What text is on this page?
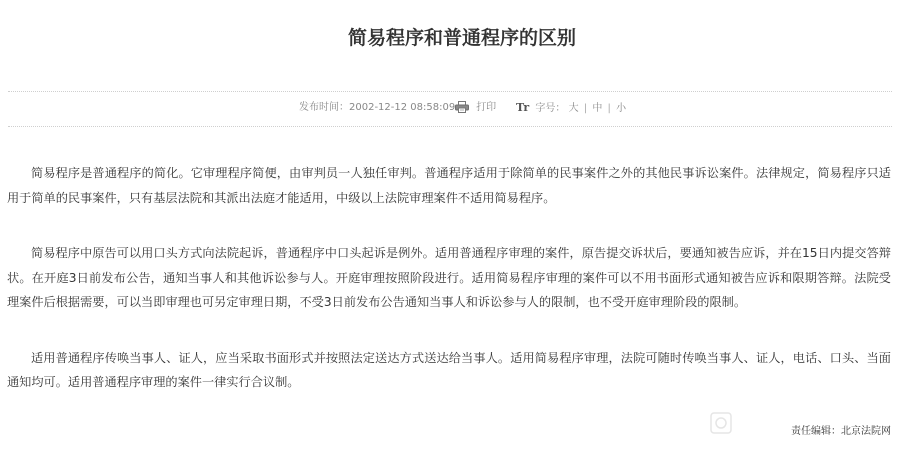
简易程序和普通程序的区别
发布时间：2002-12-12 08:58:09	打印 Tr 字号： 大 | 中 | 小

简易程序是普通程序的简化。它审理程序简便，由审判员一人独任审判。普通程序适用于除简单的民事案件之外的其他民事诉讼案件。法律规定，简易程序只适用于简单的民事案件，只有基层法院和其派出法庭才能适用，中级以上法院审理案件不适用简易程序。

简易程序中原告可以用口头方式向法院起诉，普通程序中口头起诉是例外。适用普通程序审理的案件，原告提交诉状后，要通知被告应诉，并在15日内提交答辩状。在开庭3日前发布公告，通知当事人和其他诉讼参与人。开庭审理按照阶段进行。适用简易程序审理的案件可以不用书面形式通知被告应诉和限期答辩。法院受理案件后根据需要，可以当即审理也可另定审理日期，不受3日前发布公告通知当事人和诉讼参与人的限制，也不受开庭审理阶段的限制。

适用普通程序传唤当事人、证人，应当采取书面形式并按照法定送达方式送达给当事人。适用简易程序审理，法院可随时传唤当事人、证人，电话、口头、当面通知均可。适用普通程序审理的案件一律实行合议制。

责任编辑：北京法院网
